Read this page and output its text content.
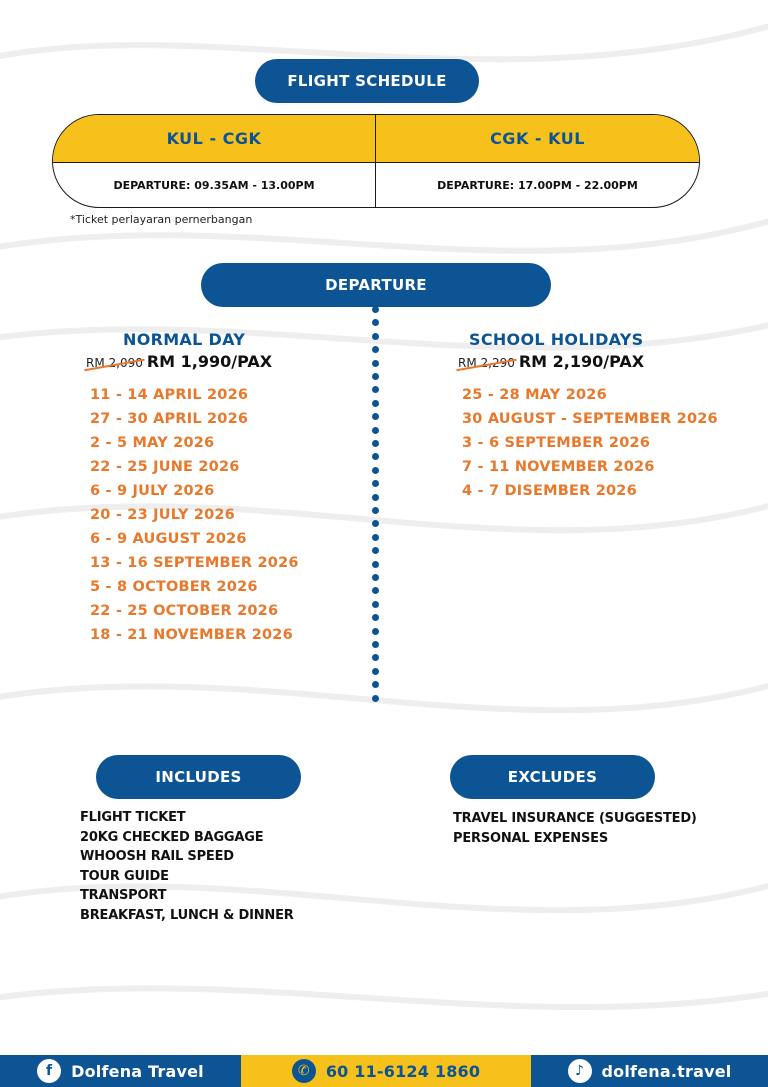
FLIGHT SCHEDULE
KUL - CGK	CGK - KUL
DEPARTURE: 09.35AM - 13.00PM	DEPARTURE: 17.00PM - 22.00PM
*Ticket perlayaran pernerbangan
DEPARTURE
NORMAL DAY
RM 2,090 RM 1,990/PAX
11 - 14 APRIL 2026
27 - 30 APRIL 2026
2 - 5 MAY 2026
22 - 25 JUNE 2026
6 - 9 JULY 2026
20 - 23 JULY 2026
6 - 9 AUGUST 2026
13 - 16 SEPTEMBER 2026
5 - 8 OCTOBER 2026
22 - 25 OCTOBER 2026
18 - 21 NOVEMBER 2026
SCHOOL HOLIDAYS
RM 2,290 RM 2,190/PAX
25 - 28 MAY 2026
30 AUGUST - SEPTEMBER 2026
3 - 6 SEPTEMBER 2026
7 - 11 NOVEMBER 2026
4 - 7 DISEMBER 2026
INCLUDES	EXCLUDES
FLIGHT TICKET
20KG CHECKED BAGGAGE
WHOOSH RAIL SPEED
TOUR GUIDE
TRANSPORT
BREAKFAST, LUNCH & DINNER
TRAVEL INSURANCE (SUGGESTED)
PERSONAL EXPENSES
f	Dolfena Travel	✆	60 11-6124 1860	♪	dolfena.travel
